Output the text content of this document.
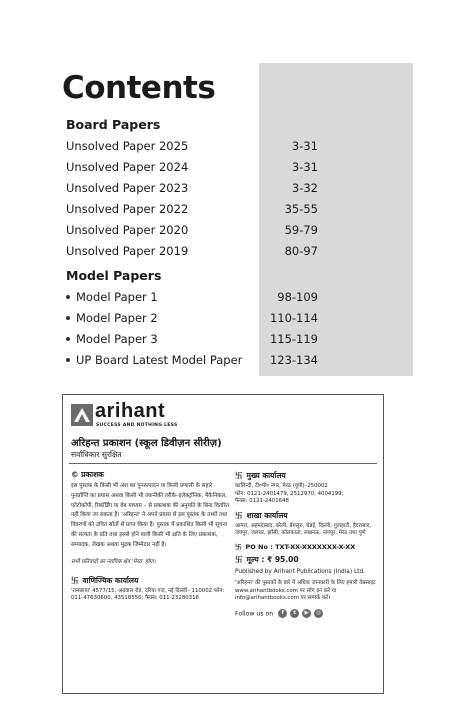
Contents
Board Papers
Unsolved Paper 2025	3-31
Unsolved Paper 2024	3-31
Unsolved Paper 2023	3-32
Unsolved Paper 2022	35-55
Unsolved Paper 2020	59-79
Unsolved Paper 2019	80-97
Model Papers
Model Paper 1	98-109
Model Paper 2	110-114
Model Paper 3	115-119
UP Board Latest Model Paper 123-134
arihant
SUCCESS AND NOTHING LESS
अरिहन्त प्रकाशन (स्कूल डिवीज़न सीरीज़)
सर्वाधिकार सुरक्षित
© प्रकाशक

इस पुस्तक के किसी भी अंश का पुनरुत्पादन या किसी प्रणाली के सहारे पुनर्प्राप्ति का प्रयास अथवा किसी भी तकनीकी तरीके–इलेक्ट्रॉनिक, मैकेनिकल, फोटोकॉपी, रिकॉर्डिंग या वेब माध्यम – से प्रकाशक की अनुमति के बिना वितरित नहीं किया जा सकता है। 'अरिहन्त' ने अपने प्रयास से इस पुस्तक के तथ्यों तथा विवरणों को उचित स्रोतों से प्राप्त किया है। पुस्तक में प्रकाशित किसी भी सूचना की सत्यता के प्रति तथा इससे होने वाली किसी भी क्षति के लिए प्रकाशक, सम्पादक, लेखक अथवा मुद्रक जिम्मेदार नहीं है।

सभी प्रतिवादों का न्यायिक क्षेत्र 'मेरठ' होगा।
卐 वाणिज्यिक कार्यालय

'रामछाया' 4577/15, अग्रवाल रोड, दरिया गंज, नई दिल्ली– 110002 फोन: 011-47630600, 43518550; फैक्स: 011-23280316

卐 मुख्य कार्यालय

कालिन्दी, टी०पी० नगर, मेरठ (यूपी)–250002

फोन: 0121-2401479, 2512970, 4004199;

फैक्स: 0121-2401648

卐 शाखा कार्यालय

आगरा, अहमदाबाद, बरेली, बेंगलुरु, चेन्नई, दिल्ली, गुवाहाटी, हैदराबाद, जयपुर, जलंधर, झाँसी, कोलकाता, लखनऊ, नागपुर, मेरठ तथा पुणे

卐 PO No : TXT-XX-XXXXXXX-X-XX
卐 मूल्य : ₹ 95.00

Published by Arihant Publications (India) Ltd.

'अरिहन्त' की पुस्तकों के बारे में अधिक जानकारी के लिए हमारी वेबसाइट www.arihantbooks.com पर लॉग इन करें या info@arihantbooks.com पर सम्पर्क करें।

Follow us on	f	t	▶	◎
